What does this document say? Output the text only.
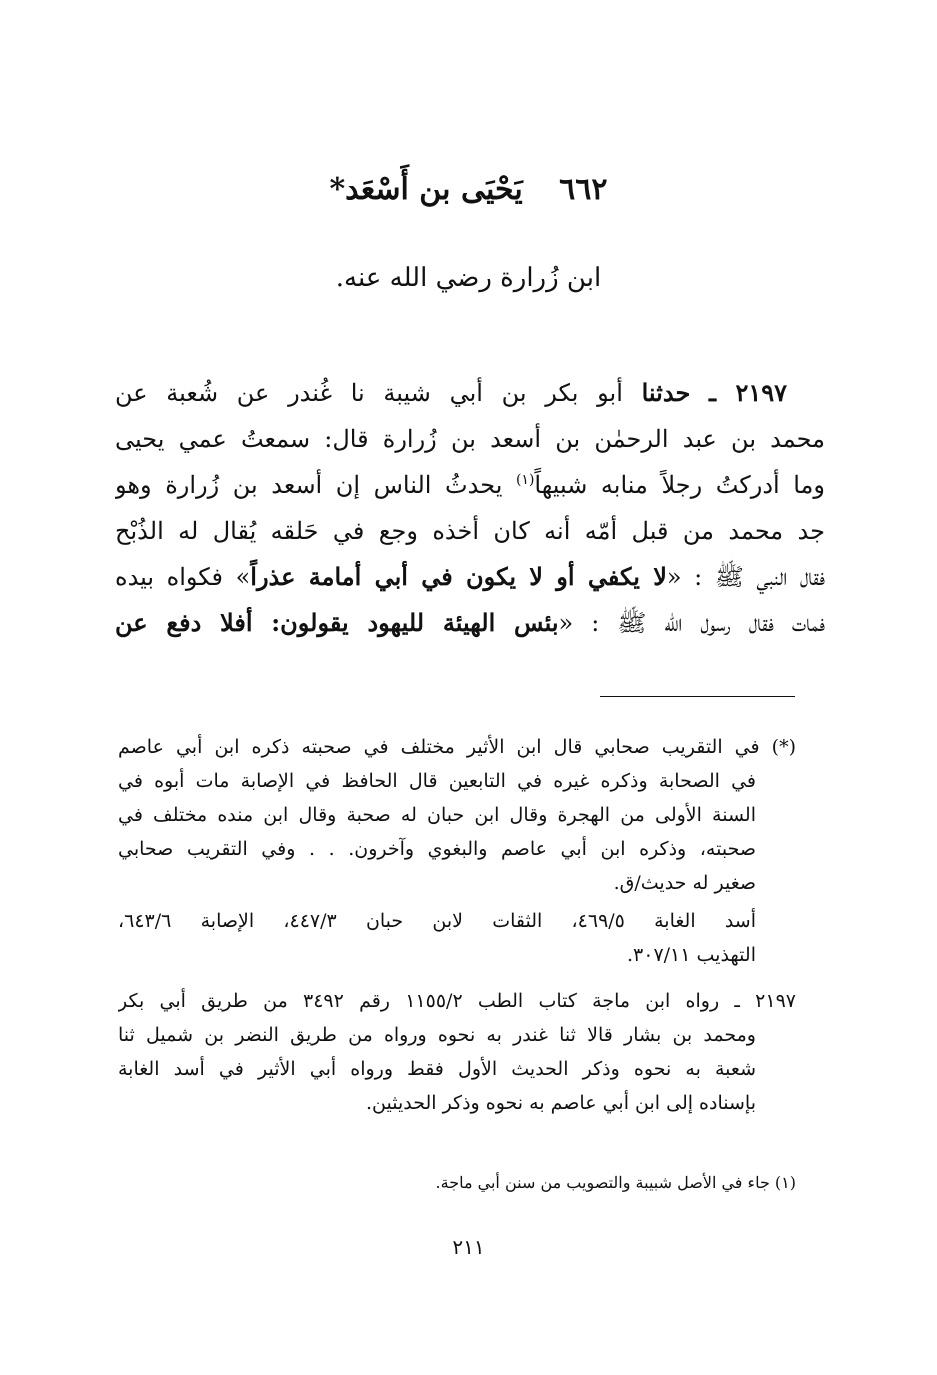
٦٦٢ يَحْيَى بن أَسْعَد*
ابن زُرارة رضي الله عنه.
٢١٩٧ ـ حدثنا أبو بكر بن أبي شيبة نا غُندر عن شُعبة عن
محمد بن عبد الرحمٰن بن أسعد بن زُرارة قال: سمعتُ عمي يحيى
وما أدركتُ رجلاً منابه شبيهاً$^{(١)}$ يحدثُ الناس إن أسعد بن زُرارة وهو
جد محمد من قبل أمّه أنه كان أخذه وجع في حَلقه يُقال له الذُبْح
فقال النبي ﷺ : «لا يكفي أو لا يكون في أبي أمامة عذراً» فكواه بيده
فمات فقال رسول الله ﷺ : «بئس الهيئة لليهود يقولون: أفلا دفع عن
(*) في التقريب صحابي قال ابن الأثير مختلف في صحبته ذكره ابن أبي عاصم
في الصحابة وذكره غيره في التابعين قال الحافظ في الإصابة مات أبوه في
السنة الأولى من الهجرة وقال ابن حبان له صحبة وقال ابن منده مختلف في
صحبته، وذكره ابن أبي عاصم والبغوي وآخرون. . . وفي التقريب صحابي
صغير له حديث/ق.
أسد الغابة ٤٦٩/٥، الثقات لابن حبان ٤٤٧/٣، الإصابة ٦٤٣/٦،
التهذيب ٣٠٧/١١.
٢١٩٧ ـ رواه ابن ماجة كتاب الطب ١١٥٥/٢ رقم ٣٤٩٢ من طريق أبي بكر
ومحمد بن بشار قالا ثنا غندر به نحوه ورواه من طريق النضر بن شميل ثنا
شعبة به نحوه وذكر الحديث الأول فقط ورواه أبي الأثير في أسد الغابة
بإسناده إلى ابن أبي عاصم به نحوه وذكر الحديثين.
(١) جاء في الأصل شبيبة والتصويب من سنن أبي ماجة.
٢١١
